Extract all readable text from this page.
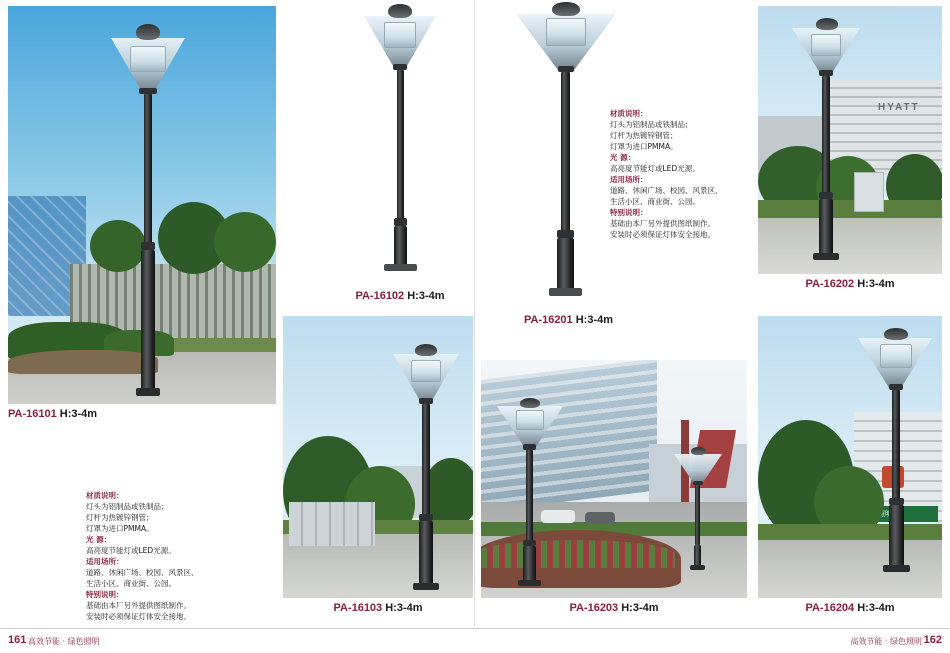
PA-16101 H:3-4m
材质说明：
灯头为铝制品或铁制品；
灯杆为热镀锌钢管；
灯罩为进口PMMA。
光 源：
高亮度节能灯或LED光源。
适用场所：
道路、休闲广场、校园、风景区、
生活小区、商业街、公园。
特别说明：
基础由本厂另外提供图纸制作。
安装时必须保证灯体安全接地。
PA-16102 H:3-4m
PA-16103 H:3-4m
PA-16201 H:3-4m
材质说明：
灯头为铝制品或铁制品；
灯杆为热镀锌钢管；
灯罩为进口PMMA。
光 源：
高亮度节能灯或LED光源。
适用场所：
道路、休闲广场、校园、风景区、
生活小区、商业街、公园。
特别说明：
基础由本厂另外提供图纸制作。
安装时必须保证灯体安全接地。
HYATT
PA-16202 H:3-4m
PA-16203 H:3-4m	PA-16204 H:3-4m
161 高效节能 · 绿色照明	162
高效节能 · 绿色照明
